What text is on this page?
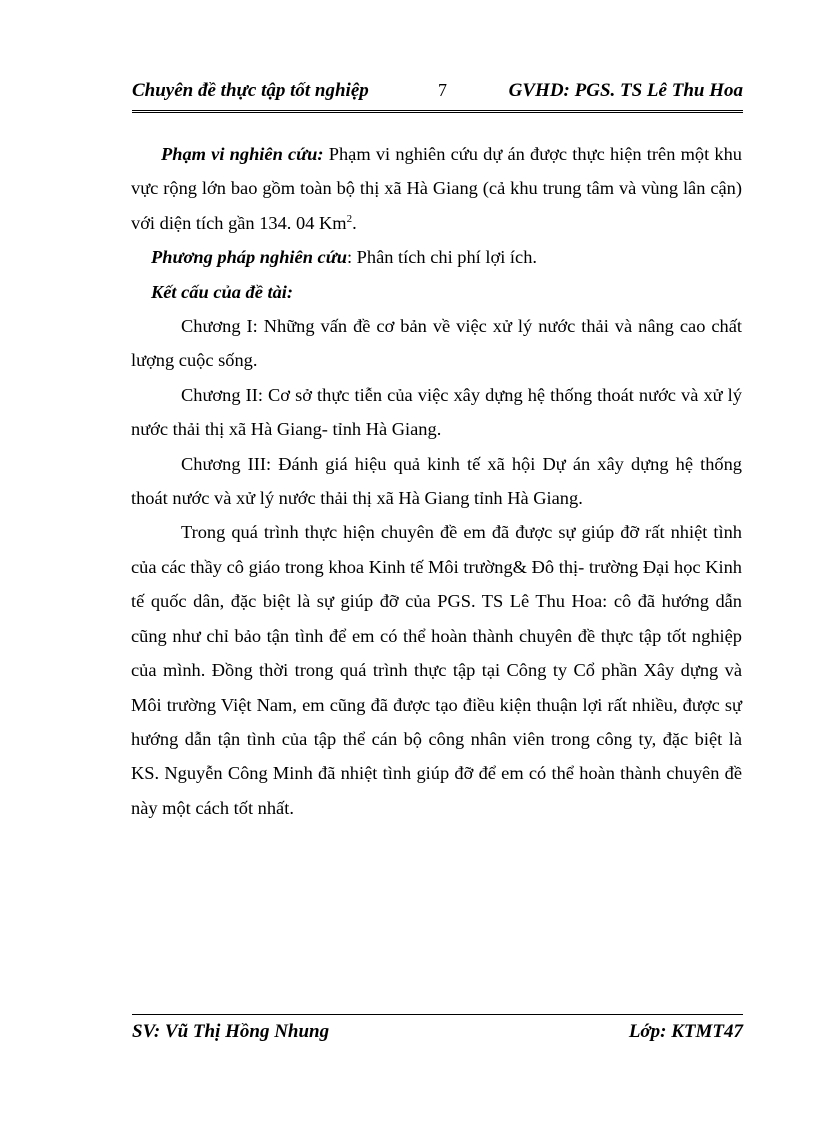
Chuyên đề thực tập tốt nghiệp	7	GVHD: PGS. TS Lê Thu Hoa

Phạm vi nghiên cứu: Phạm vi nghiên cứu dự án được thực hiện trên một khu vực rộng lớn bao gồm toàn bộ thị xã Hà Giang (cả khu trung tâm và vùng lân cận) với diện tích gần 134. 04 Km$^2$.

Phương pháp nghiên cứu: Phân tích chi phí lợi ích.

Kết cấu của đề tài:

Chương I: Những vấn đề cơ bản về việc xử lý nước thải và nâng cao chất lượng cuộc sống.

Chương II: Cơ sở thực tiễn của việc xây dựng hệ thống thoát nước và xử lý nước thải thị xã Hà Giang- tỉnh Hà Giang.

Chương III: Đánh giá hiệu quả kinh tế xã hội Dự án xây dựng hệ thống thoát nước và xử lý nước thải thị xã Hà Giang tỉnh Hà Giang.

Trong quá trình thực hiện chuyên đề em đã được sự giúp đỡ rất nhiệt tình của các thầy cô giáo trong khoa Kinh tế Môi trường& Đô thị- trường Đại học Kinh tế quốc dân, đặc biệt là sự giúp đỡ của PGS. TS Lê Thu Hoa: cô đã hướng dẫn cũng như chỉ bảo tận tình để em có thể hoàn thành chuyên đề thực tập tốt nghiệp của mình. Đồng thời trong quá trình thực tập tại Công ty Cổ phần Xây dựng và Môi trường Việt Nam, em cũng đã được tạo điều kiện thuận lợi rất nhiều, được sự hướng dẫn tận tình của tập thể cán bộ công nhân viên trong công ty, đặc biệt là KS. Nguyễn Công Minh đã nhiệt tình giúp đỡ để em có thể hoàn thành chuyên đề này một cách tốt nhất.

SV: Vũ Thị Hồng Nhung	Lớp: KTMT47
